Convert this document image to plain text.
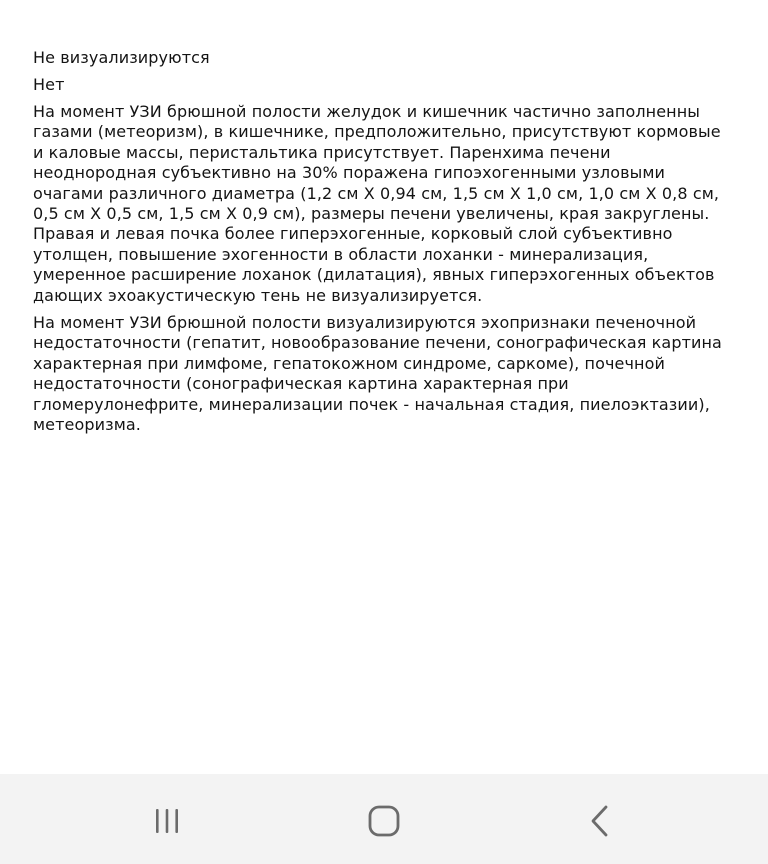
Не визуализируются

Нет

На момент УЗИ брюшной полости желудок и кишечник частично заполненны газами (метеоризм), в кишечнике, предположительно, присутствуют кормовые и каловые массы, перистальтика присутствует. Паренхима печени неоднородная субъективно на 30% поражена гипоэхогенными узловыми очагами различного диаметра (1,2 см Х 0,94 см, 1,5 см Х 1,0 см, 1,0 см Х 0,8 см, 0,5 см Х 0,5 см, 1,5 см Х 0,9 см), размеры печени увеличены, края закруглены. Правая и левая почка более гиперэхогенные, корковый слой субъективно утолщен, повышение эхогенности в области лоханки - минерализация, умеренное расширение лоханок (дилатация), явных гиперэхогенных объектов дающих эхоакустическую тень не визуализируется.

На момент УЗИ брюшной полости визуализируются эхопризнаки печеночной недостаточности (гепатит, новообразование печени, сонографическая картина характерная при лимфоме, гепатокожном синдроме, саркоме), почечной недостаточности (сонографическая картина характерная при гломерулонефрите, минерализации почек - начальная стадия, пиелоэктазии), метеоризма.
